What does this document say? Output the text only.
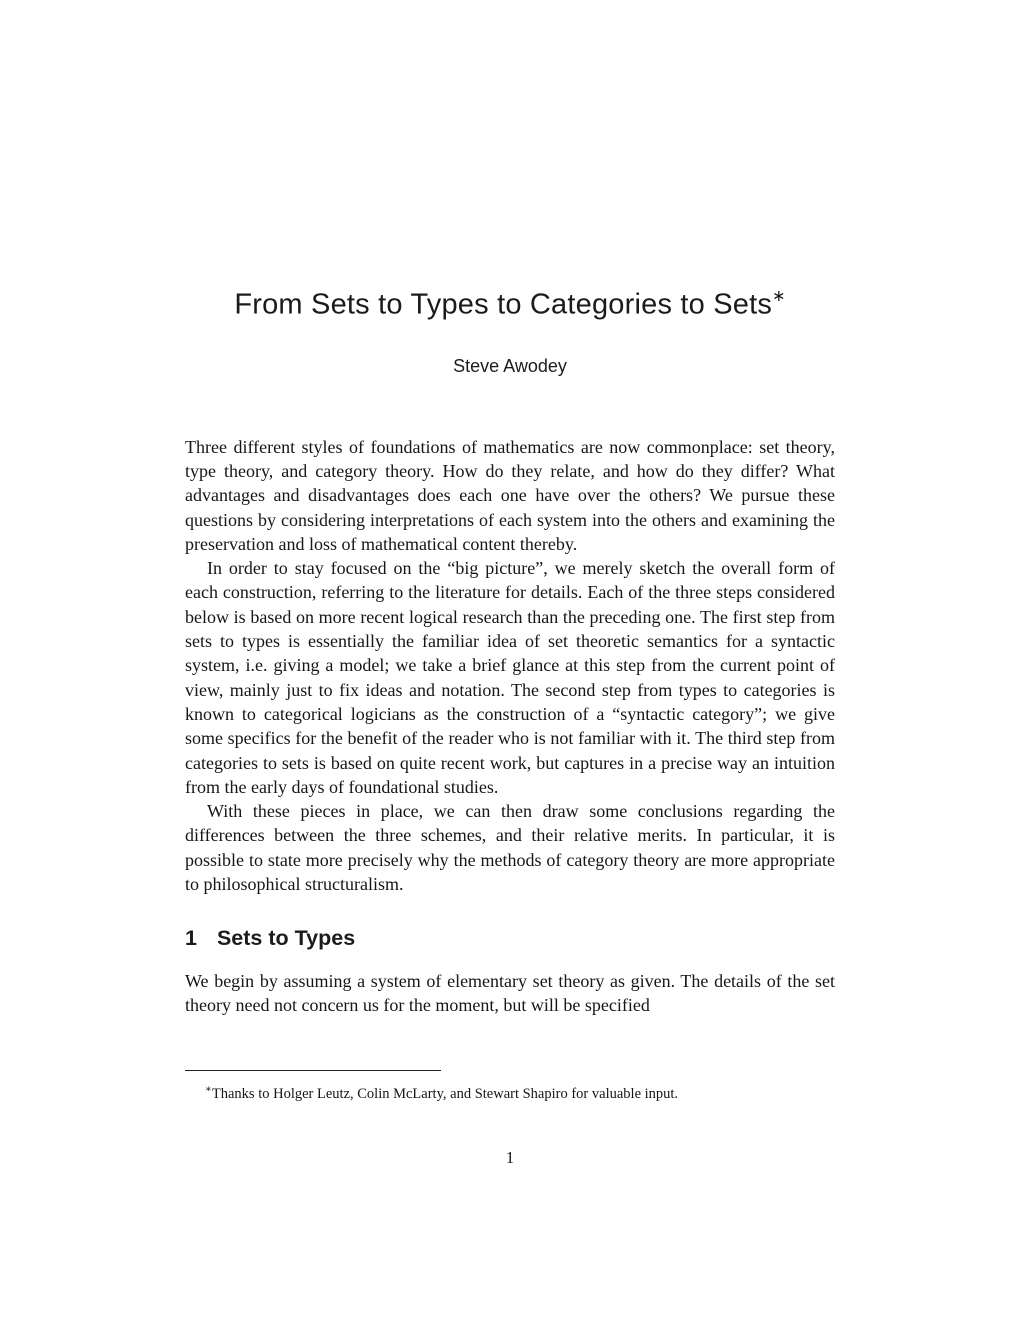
From Sets to Types to Categories to Sets∗
Steve Awodey

Three different styles of foundations of mathematics are now commonplace: set theory, type theory, and category theory. How do they relate, and how do they differ? What advantages and disadvantages does each one have over the others? We pursue these questions by considering interpretations of each system into the others and examining the preservation and loss of mathematical content thereby.

In order to stay focused on the “big picture”, we merely sketch the overall form of each construction, referring to the literature for details. Each of the three steps considered below is based on more recent logical research than the preceding one. The first step from sets to types is essentially the familiar idea of set theoretic semantics for a syntactic system, i.e. giving a model; we take a brief glance at this step from the current point of view, mainly just to fix ideas and notation. The second step from types to categories is known to categorical logicians as the construction of a “syntactic category”; we give some specifics for the benefit of the reader who is not familiar with it. The third step from categories to sets is based on quite recent work, but captures in a precise way an intuition from the early days of foundational studies.

With these pieces in place, we can then draw some conclusions regarding the differences between the three schemes, and their relative merits. In particular, it is possible to state more precisely why the methods of category theory are more appropriate to philosophical structuralism.

1 Sets to Types

We begin by assuming a system of elementary set theory as given. The details of the set theory need not concern us for the moment, but will be specified

∗Thanks to Holger Leutz, Colin McLarty, and Stewart Shapiro for valuable input.

1
